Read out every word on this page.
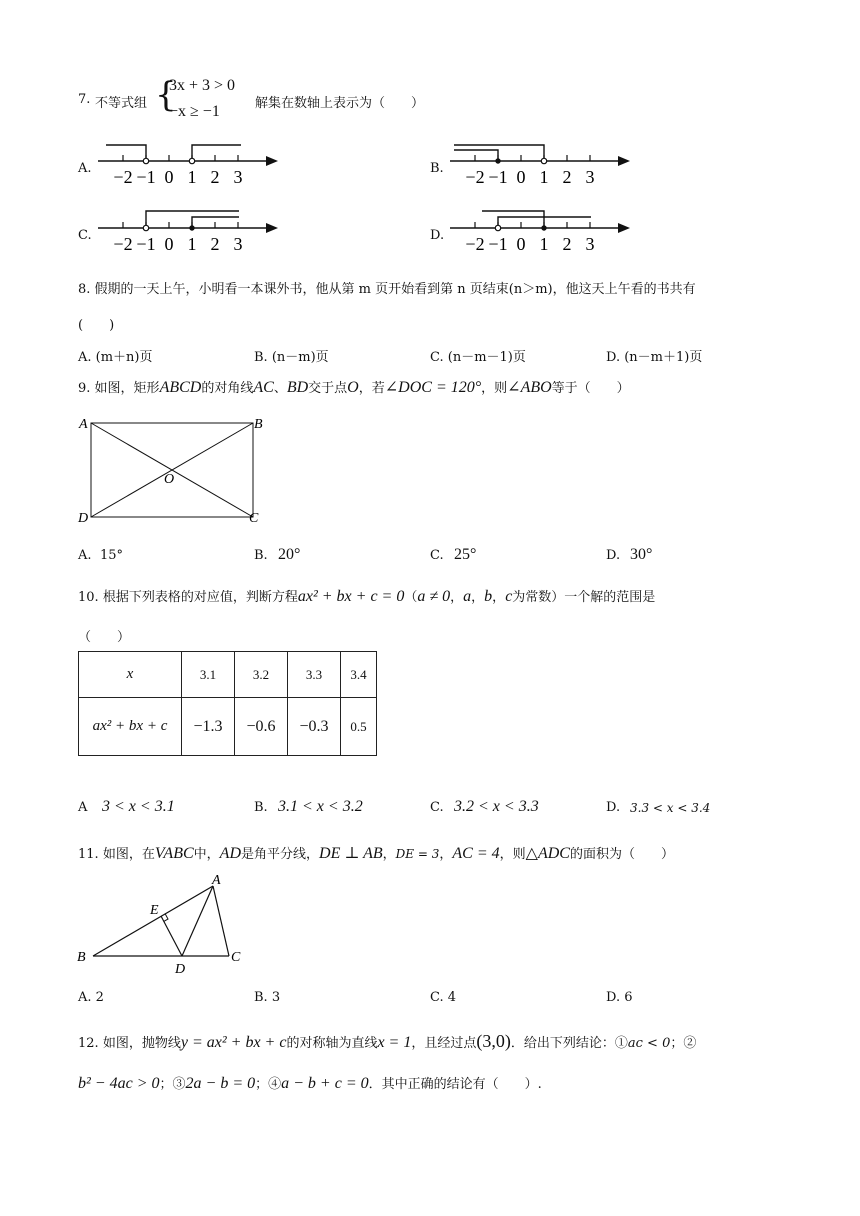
7. 不等式组 {
3x + 3 > 0
−x ≥ −1	解集在数轴上表示为（　　）
A.	B.
C.	D.
−2 −1 0 1 2 3	−2 −1 0 1 2 3
−2 −1 0 1 2 3	−2 −1 0 1 2 3
8. 假期的一天上午，小明看一本课外书，他从第 m 页开始看到第 n 页结束(n＞m)，他这天上午看的书共有
(　　)
A. (m＋n)页	B. (n－m)页	C. (n－m－1)页	D. (n－m＋1)页
9. 如图，矩形ABCD的对角线AC、BD交于点O，若∠DOC = 120°，则∠ABO等于（　　）
A	B
C
D
O
A. 15°	B. 20°	C. 25°	D. 30°
10. 根据下列表格的对应值，判断方程ax² + bx + c = 0（a ≠ 0，a，b，c为常数）一个解的范围是
（　　）
x	3.1	3.2	3.3	3.4
ax² + bx + c	−1.3	−0.6	−0.3	0.5
A 3 < x < 3.1	B. 3.1 < x < 3.2	C. 3.2 < x < 3.3	D. 3.3 < x < 3.4
11. 如图，在VABC中，AD是角平分线，DE ⊥ AB，DE = 3，AC = 4，则△ADC的面积为（　　）
A
B	C
D
E
A. 2	B. 3	C. 4	D. 6
12. 如图，抛物线y = ax² + bx + c的对称轴为直线x = 1，且经过点(3,0)．给出下列结论：①ac < 0；②
b² − 4ac > 0；③2a − b = 0；④a − b + c = 0．其中正确的结论有（　　）.
